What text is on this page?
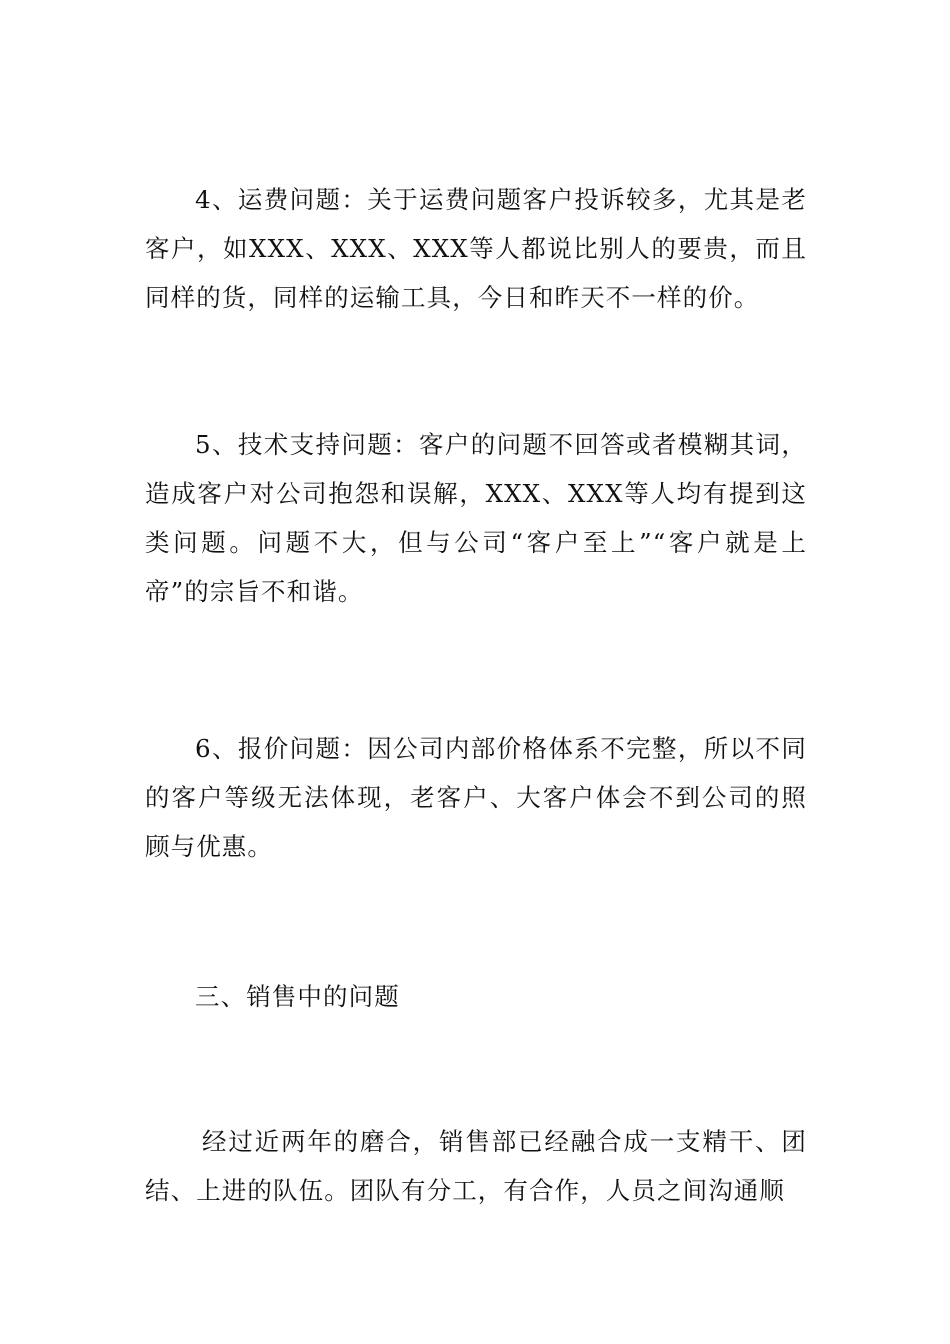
4、运费问题：关于运费问题客户投诉较多，尤其是老客户，如XXX、XXX、XXX等人都说比别人的要贵，而且同样的货，同样的运输工具，今日和昨天不一样的价。

5、技术支持问题：客户的问题不回答或者模糊其词，造成客户对公司抱怨和误解，XXX、XXX等人均有提到这类问题。问题不大，但与公司“客户至上”“客户就是上帝”的宗旨不和谐。

6、报价问题：因公司内部价格体系不完整，所以不同的客户等级无法体现，老客户、大客户体会不到公司的照顾与优惠。

三、销售中的问题

经过近两年的磨合，销售部已经融合成一支精干、团结、上进的队伍。团队有分工，有合作，人员之间沟通顺
